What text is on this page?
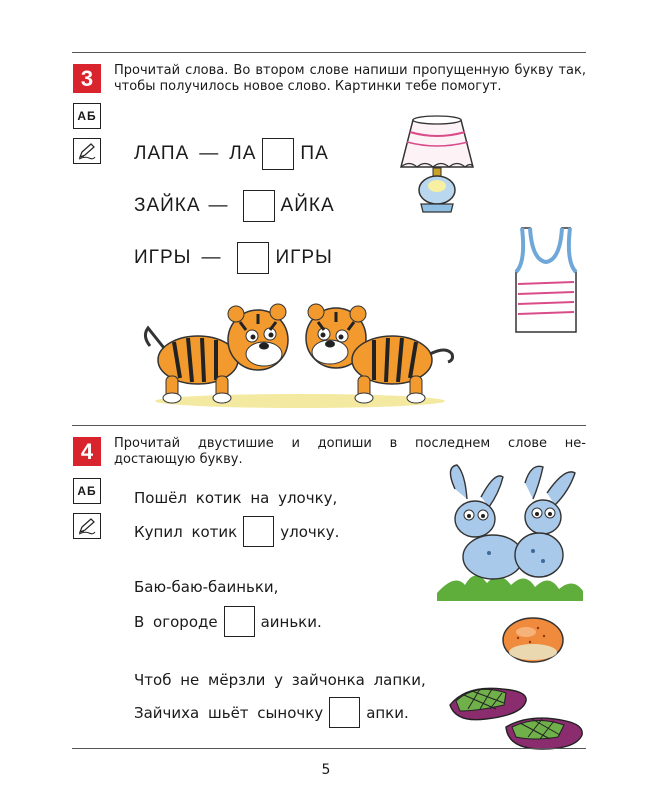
3
АБ
Прочитай слова. Во втором слове напиши пропущенную букву так, чтобы получилось новое слово. Картинки тебе помогут.
ЛАПА — ЛА ПА
ЗАЙКА —	АЙКА
ИГРЫ —	ИГРЫ
4
АБ
Прочитай двустишие и допиши в последнем слове не-
достающую букву.
Пошёл котик на улочку,
Купил котик	улочку.
Баю-баю-баиньки,
В огороде	аиньки.
Чтоб не мёрзли у зайчонка лапки,
Зайчиха шьёт сыночку	апки.
5
